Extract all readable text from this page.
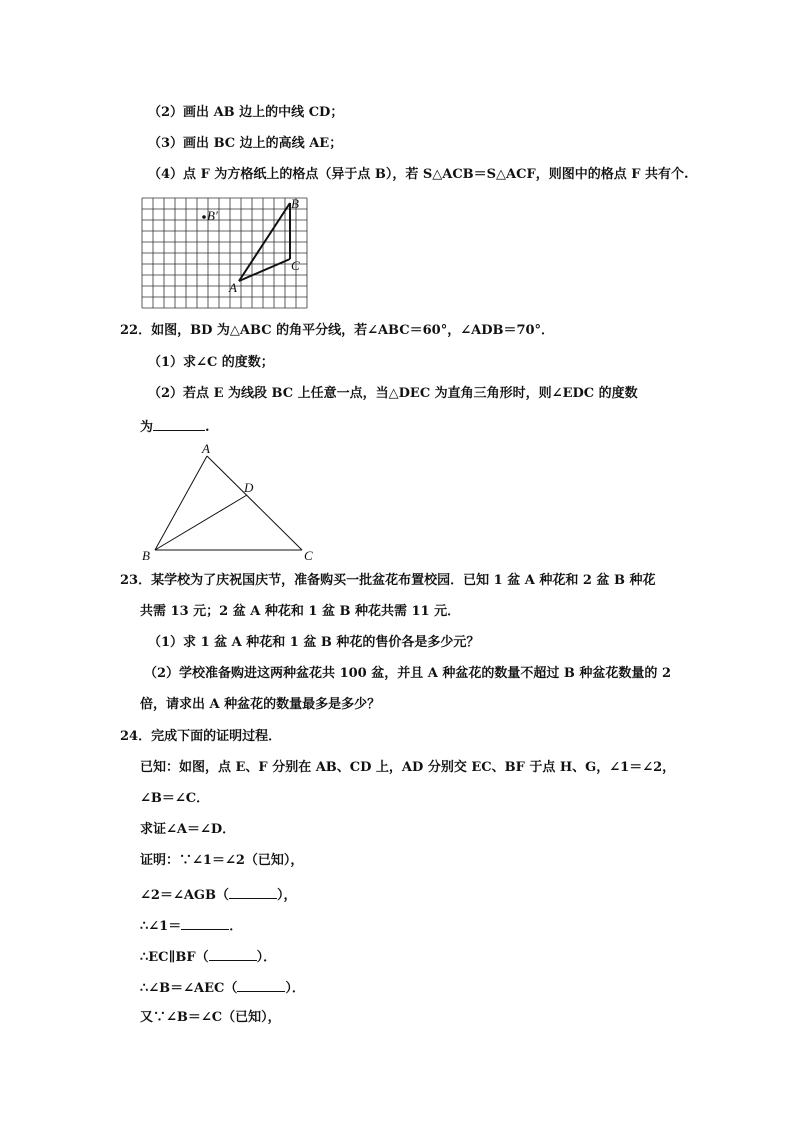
（2）画出 AB 边上的中线 CD；
（3）画出 BC 边上的高线 AE；
（4）点 F 为方格纸上的格点（异于点 B），若 S△ACB＝S△ACF，则图中的格点 F 共有个.
B′
B
C
A
22．如图，BD 为△ABC 的角平分线，若∠ABC＝60°，∠ADB＝70°．
（1）求∠C 的度数；
（2）若点 E 为线段 BC 上任意一点，当△DEC 为直角三角形时，则∠EDC 的度数
为	.
A
D
B	C
23．某学校为了庆祝国庆节，准备购买一批盆花布置校园．已知 1 盆 A 种花和 2 盆 B 种花
共需 13 元；2 盆 A 种花和 1 盆 B 种花共需 11 元．
（1）求 1 盆 A 种花和 1 盆 B 种花的售价各是多少元？
（2）学校准备购进这两种盆花共 100 盆，并且 A 种盆花的数量不超过 B 种盆花数量的 2
倍，请求出 A 种盆花的数量最多是多少？
24．完成下面的证明过程．
已知：如图，点 E、F 分别在 AB、CD 上，AD 分别交 EC、BF 于点 H、G，∠1＝∠2，
∠B＝∠C．
求证∠A＝∠D．
证明：∵∠1＝∠2（已知），
∠2＝∠AGB（	），
∴∠1＝	．
∴EC∥BF（	）．
∴∠B＝∠AEC（	）．
又∵∠B＝∠C（已知），
